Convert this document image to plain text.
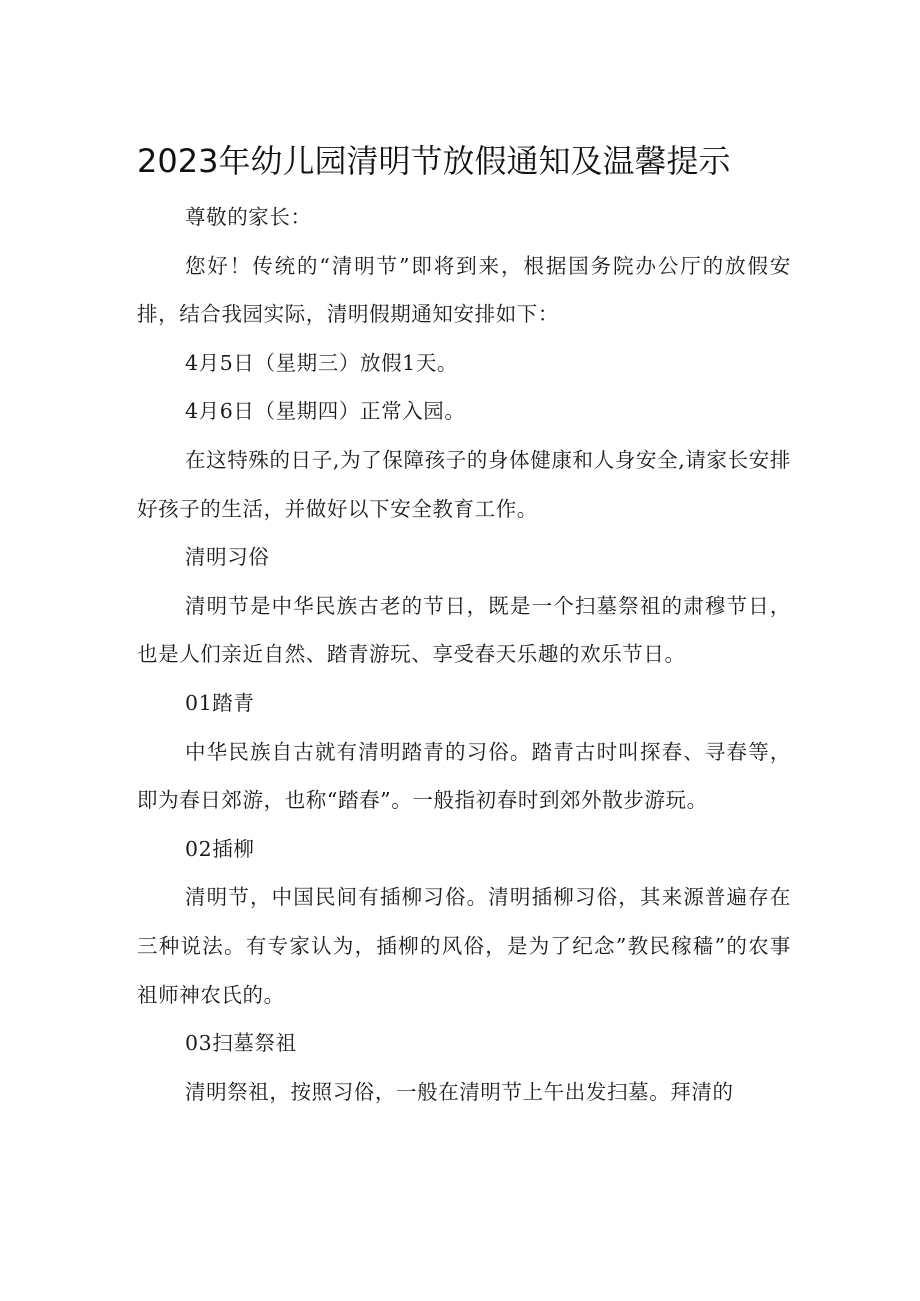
2023年幼儿园清明节放假通知及温馨提示

尊敬的家长：

您好！传统的“清明节”即将到来，根据国务院办公厅的放假安排，结合我园实际，清明假期通知安排如下：

4月5日（星期三）放假1天。

4月6日（星期四）正常入园。

在这特殊的日子,为了保障孩子的身体健康和人身安全,请家长安排好孩子的生活，并做好以下安全教育工作。

清明习俗

清明节是中华民族古老的节日，既是一个扫墓祭祖的肃穆节日，也是人们亲近自然、踏青游玩、享受春天乐趣的欢乐节日。

01踏青

中华民族自古就有清明踏青的习俗。踏青古时叫探春、寻春等，即为春日郊游，也称“踏春”。一般指初春时到郊外散步游玩。

02插柳

清明节，中国民间有插柳习俗。清明插柳习俗，其来源普遍存在三种说法。有专家认为，插柳的风俗，是为了纪念”教民稼穑”的农事祖师神农氏的。

03扫墓祭祖

清明祭祖，按照习俗，一般在清明节上午出发扫墓。拜清的
